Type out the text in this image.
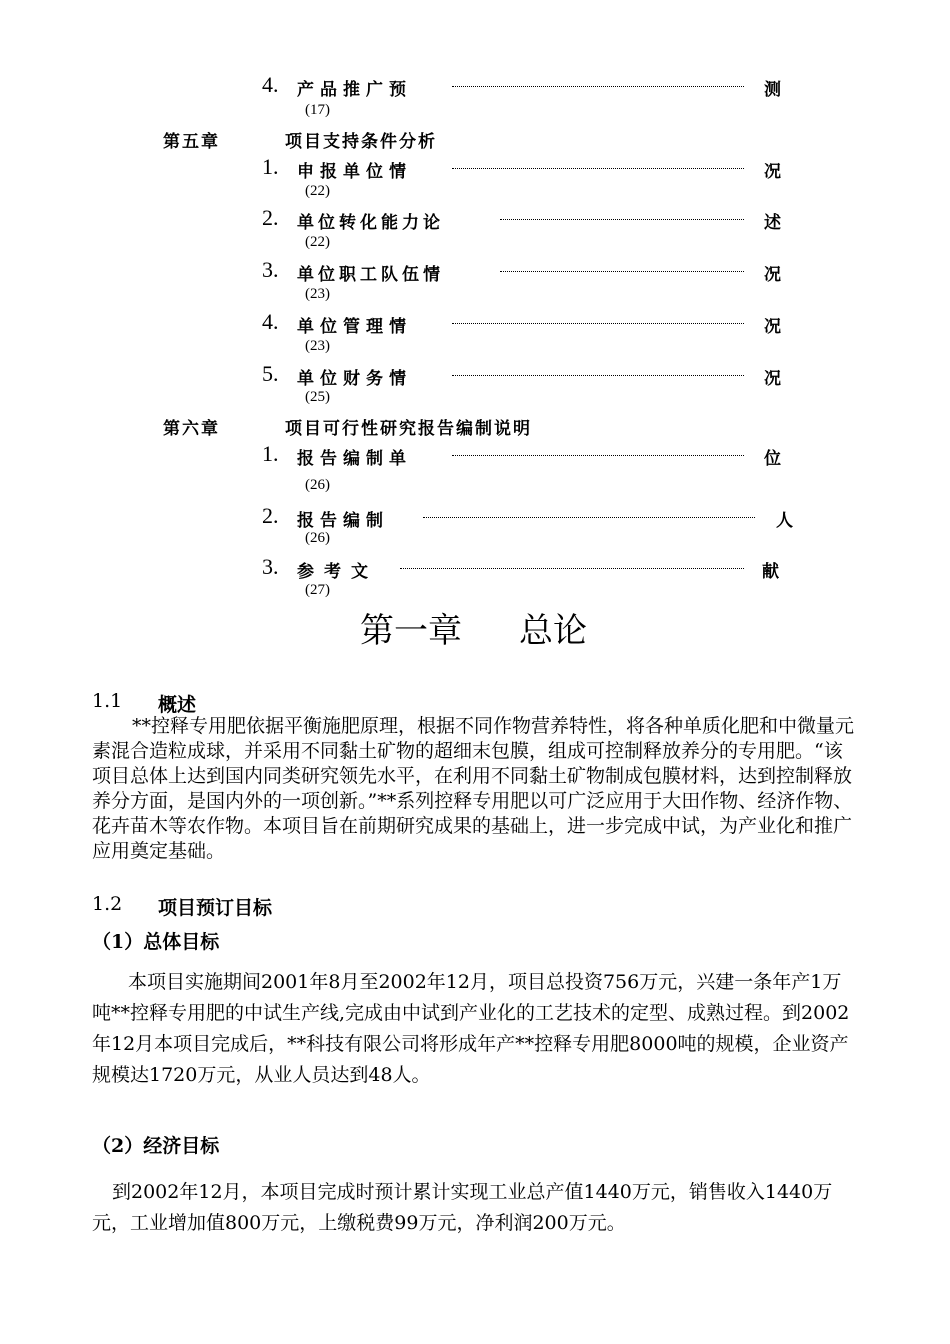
4. 产品推广预	测
(17)
第五章	项目支持条件分析
1. 申报单位情	况
(22)
2. 单位转化能力论	述
(22)
3. 单位职工队伍情	况
(23)
4. 单位管理情	况
(23)
5. 单位财务情	况
(25)
第六章	项目可行性研究报告编制说明
1. 报告编制单	位
(26)
2. 报告编制	人
(26)
3. 参考文	献
(27)
第一章 总论
1.1 概述

**控释专用肥依据平衡施肥原理，根据不同作物营养特性，将各种单质化肥和中微量元素混合造粒成球，并采用不同黏土矿物的超细末包膜，组成可控制释放养分的专用肥。“该项目总体上达到国内同类研究领先水平，在利用不同黏土矿物制成包膜材料，达到控制释放养分方面，是国内外的一项创新。”**系列控释专用肥以可广泛应用于大田作物、经济作物、花卉苗木等农作物。本项目旨在前期研究成果的基础上，进一步完成中试，为产业化和推广应用奠定基础。

1.2 项目预订目标
（1）总体目标

本项目实施期间2001年8月至2002年12月，项目总投资756万元，兴建一条年产1万吨**控释专用肥的中试生产线,完成由中试到产业化的工艺技术的定型、成熟过程。到2002年12月本项目完成后，**科技有限公司将形成年产**控释专用肥8000吨的规模，企业资产规模达1720万元，从业人员达到48人。

（2）经济目标

到2002年12月，本项目完成时预计累计实现工业总产值1440万元，销售收入1440万元，工业增加值800万元，上缴税费99万元，净利润200万元。
